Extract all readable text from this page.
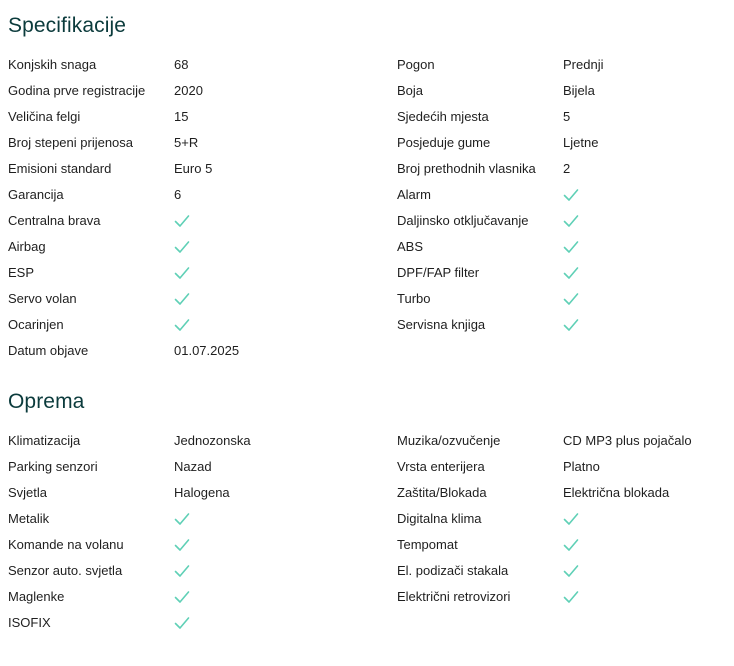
Specifikacije
Konjskih snaga	68
Godina prve registracije 2020
Veličina felgi	15
Broj stepeni prijenosa	5+R
Emisioni standard	Euro 5
Garancija	6
Centralna brava
Airbag
ESP
Servo volan
Ocarinjen
Datum objave	01.07.2025
Pogon	Prednji
Boja	Bijela
Sjedećih mjesta	5
Posjeduje gume	Ljetne
Broj prethodnih vlasnika 2
Alarm
Daljinsko otključavanje
ABS
DPF/FAP filter
Turbo
Servisna knjiga
Oprema
Klimatizacija	Jednozonska
Parking senzori	Nazad
Svjetla	Halogena
Metalik
Komande na volanu
Senzor auto. svjetla
Maglenke
ISOFIX
Muzika/ozvučenje	CD MP3 plus pojačalo
Vrsta enterijera	Platno
Zaštita/Blokada	Električna blokada
Digitalna klima
Tempomat
El. podizači stakala
Električni retrovizori
